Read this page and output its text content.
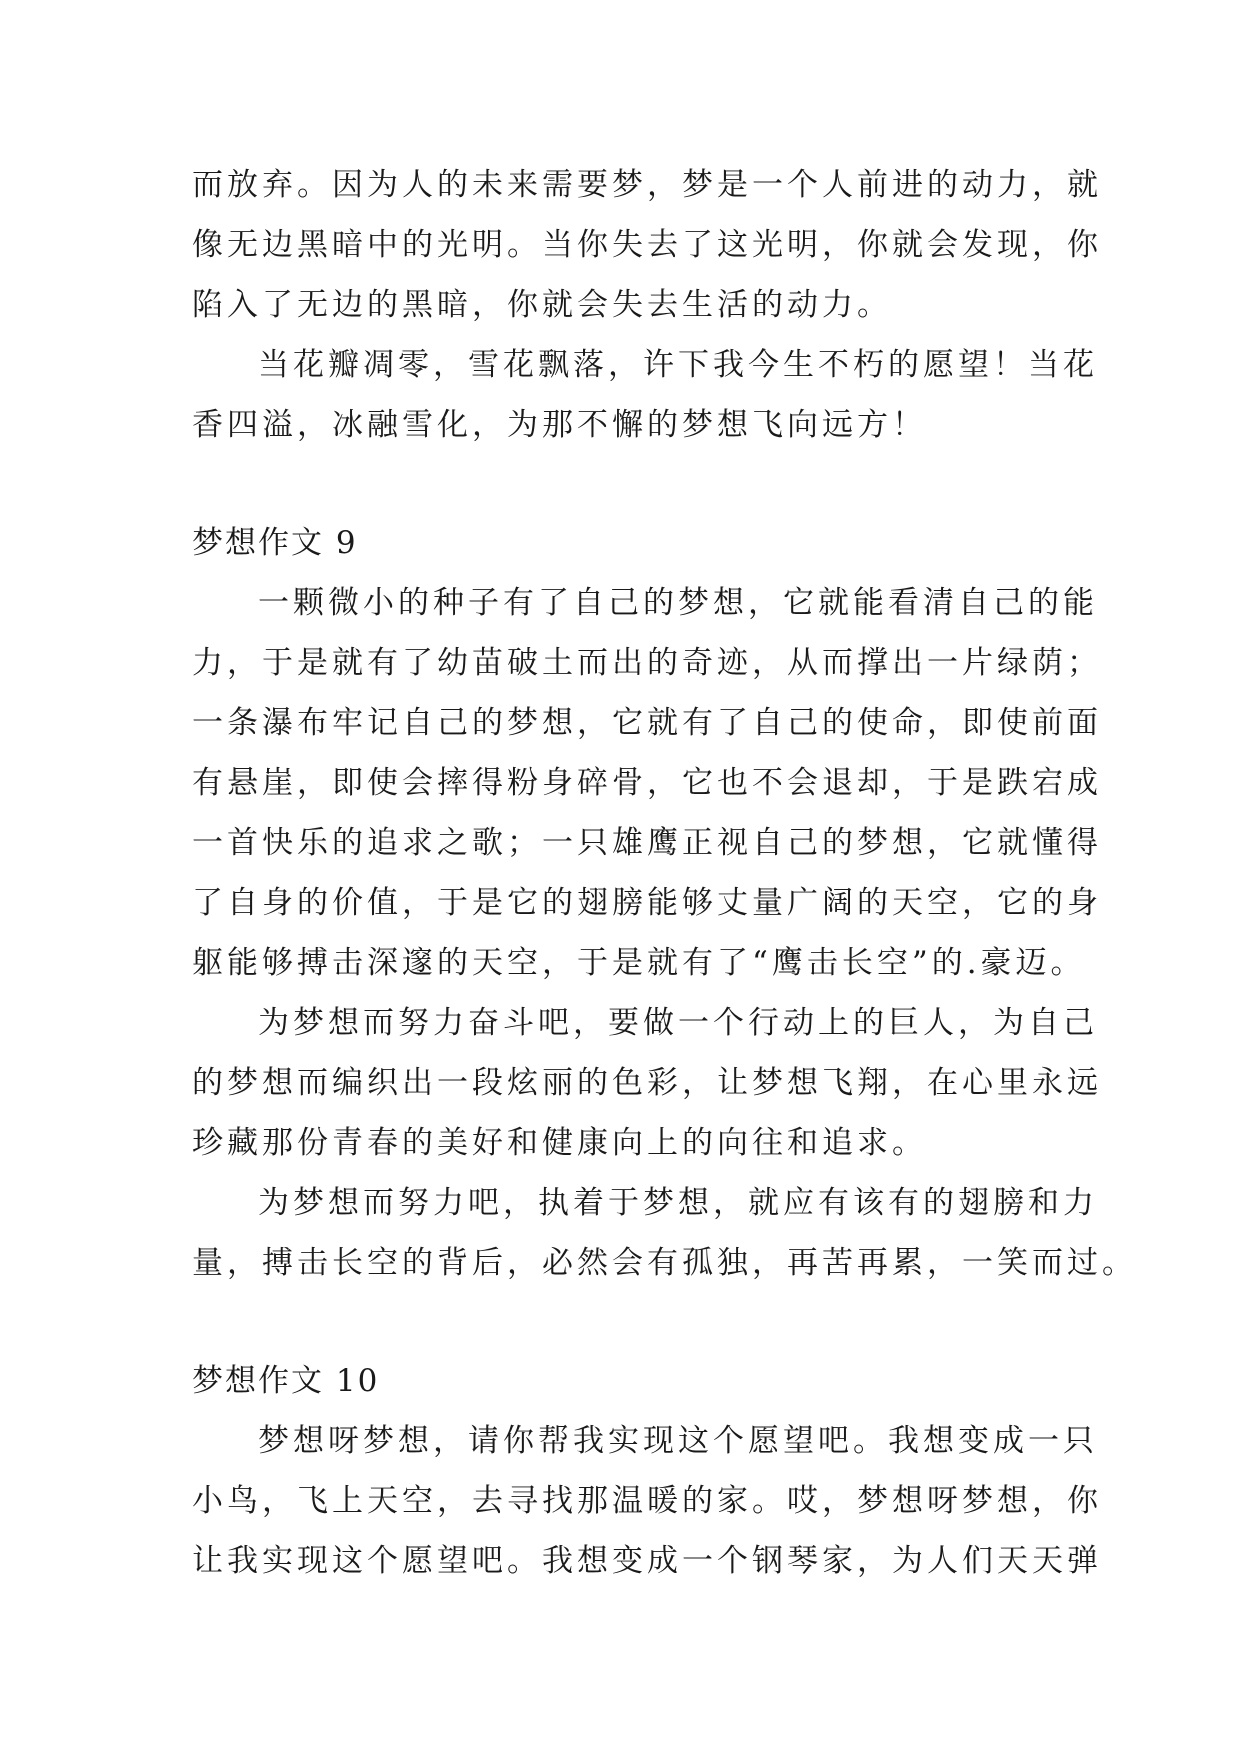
而放弃。因为人的未来需要梦，梦是一个人前进的动力，就
像无边黑暗中的光明。当你失去了这光明，你就会发现，你
陷入了无边的黑暗，你就会失去生活的动力。
当花瓣凋零，雪花飘落，许下我今生不朽的愿望！当花
香四溢，冰融雪化，为那不懈的梦想飞向远方！
梦想作文 9
一颗微小的种子有了自己的梦想，它就能看清自己的能
力，于是就有了幼苗破土而出的奇迹，从而撑出一片绿荫；
一条瀑布牢记自己的梦想，它就有了自己的使命，即使前面
有悬崖，即使会摔得粉身碎骨，它也不会退却，于是跌宕成
一首快乐的追求之歌；一只雄鹰正视自己的梦想，它就懂得
了自身的价值，于是它的翅膀能够丈量广阔的天空，它的身
躯能够搏击深邃的天空，于是就有了“鹰击长空”的.豪迈。
为梦想而努力奋斗吧，要做一个行动上的巨人，为自己
的梦想而编织出一段炫丽的色彩，让梦想飞翔，在心里永远
珍藏那份青春的美好和健康向上的向往和追求。
为梦想而努力吧，执着于梦想，就应有该有的翅膀和力
量，搏击长空的背后，必然会有孤独，再苦再累，一笑而过。
梦想作文 10
梦想呀梦想，请你帮我实现这个愿望吧。我想变成一只
小鸟，飞上天空，去寻找那温暖的家。哎，梦想呀梦想，你
让我实现这个愿望吧。我想变成一个钢琴家，为人们天天弹
